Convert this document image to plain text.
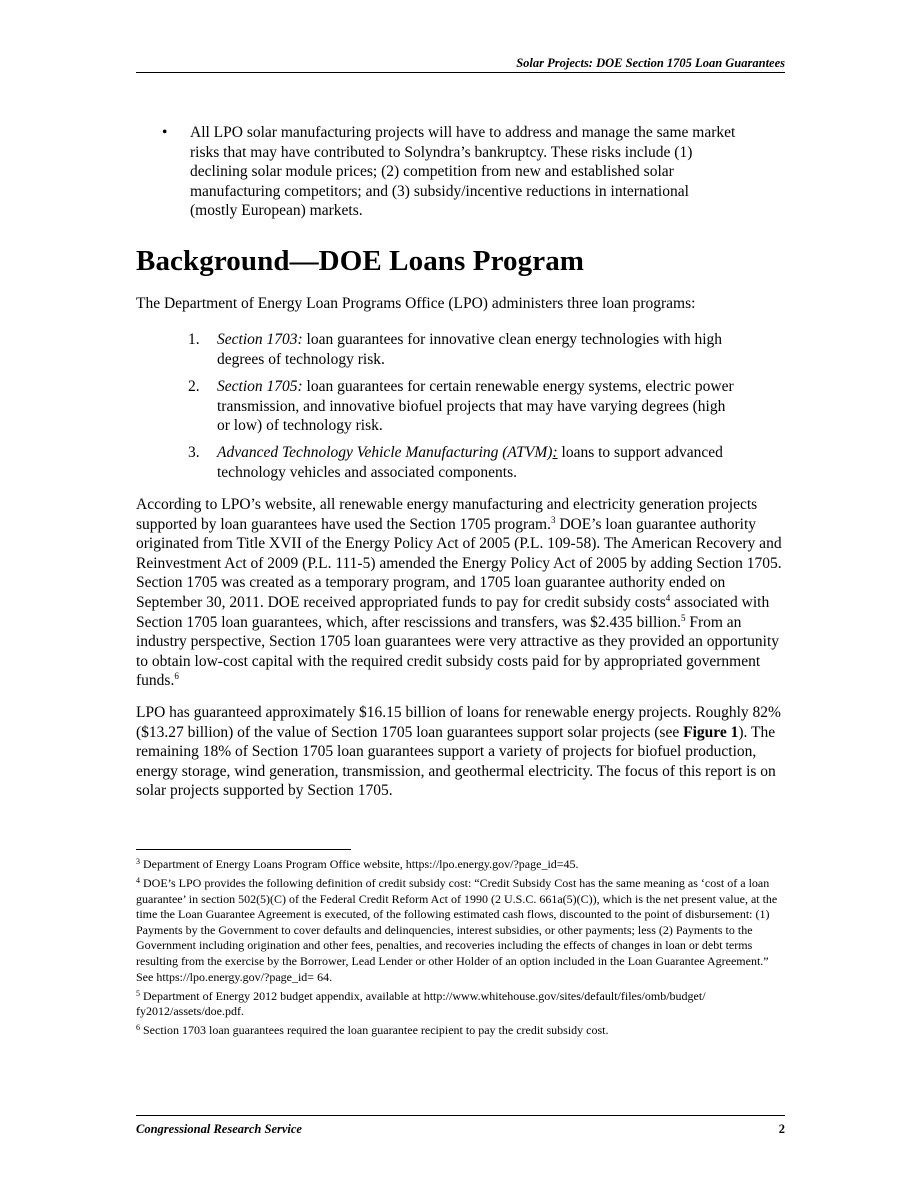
Solar Projects: DOE Section 1705 Loan Guarantees
• All LPO solar manufacturing projects will have to address and manage the same market risks that may have contributed to Solyndra’s bankruptcy. These risks include (1) declining solar module prices; (2) competition from new and established solar manufacturing competitors; and (3) subsidy/incentive reductions in international (mostly European) markets.
Background—DOE Loans Program
The Department of Energy Loan Programs Office (LPO) administers three loan programs:
1. Section 1703: loan guarantees for innovative clean energy technologies with high degrees of technology risk.
2. Section 1705: loan guarantees for certain renewable energy systems, electric power transmission, and innovative biofuel projects that may have varying degrees (high or low) of technology risk.
3. Advanced Technology Vehicle Manufacturing (ATVM): loans to support advanced technology vehicles and associated components.
According to LPO’s website, all renewable energy manufacturing and electricity generation projects supported by loan guarantees have used the Section 1705 program.$^3$ DOE’s loan guarantee authority originated from Title XVII of the Energy Policy Act of 2005 (P.L. 109-58). The American Recovery and Reinvestment Act of 2009 (P.L. 111-5) amended the Energy Policy Act of 2005 by adding Section 1705. Section 1705 was created as a temporary program, and 1705 loan guarantee authority ended on September 30, 2011. DOE received appropriated funds to pay for credit subsidy costs$^4$ associated with Section 1705 loan guarantees, which, after rescissions and transfers, was $2.435 billion.$^5$ From an industry perspective, Section 1705 loan guarantees were very attractive as they provided an opportunity to obtain low-cost capital with the required credit subsidy costs paid for by appropriated government funds.$^6$
LPO has guaranteed approximately $16.15 billion of loans for renewable energy projects. Roughly 82% ($13.27 billion) of the value of Section 1705 loan guarantees support solar projects (see Figure 1). The remaining 18% of Section 1705 loan guarantees support a variety of projects for biofuel production, energy storage, wind generation, transmission, and geothermal electricity. The focus of this report is on solar projects supported by Section 1705.
$^3$ Department of Energy Loans Program Office website, https://lpo.energy.gov/?page_id=45.
$^4$ DOE’s LPO provides the following definition of credit subsidy cost: “Credit Subsidy Cost has the same meaning as ‘cost of a loan guarantee’ in section 502(5)(C) of the Federal Credit Reform Act of 1990 (2 U.S.C. 661a(5)(C)), which is the net present value, at the time the Loan Guarantee Agreement is executed, of the following estimated cash flows, discounted to the point of disbursement: (1) Payments by the Government to cover defaults and delinquencies, interest subsidies, or other payments; less (2) Payments to the Government including origination and other fees, penalties, and recoveries including the effects of changes in loan or debt terms resulting from the exercise by the Borrower, Lead Lender or other Holder of an option included in the Loan Guarantee Agreement.” See https://lpo.energy.gov/?page_id= 64.
$^5$ Department of Energy 2012 budget appendix, available at http://www.whitehouse.gov/sites/default/files/omb/budget/ fy2012/assets/doe.pdf.
$^6$ Section 1703 loan guarantees required the loan guarantee recipient to pay the credit subsidy cost.
Congressional Research Service	2
